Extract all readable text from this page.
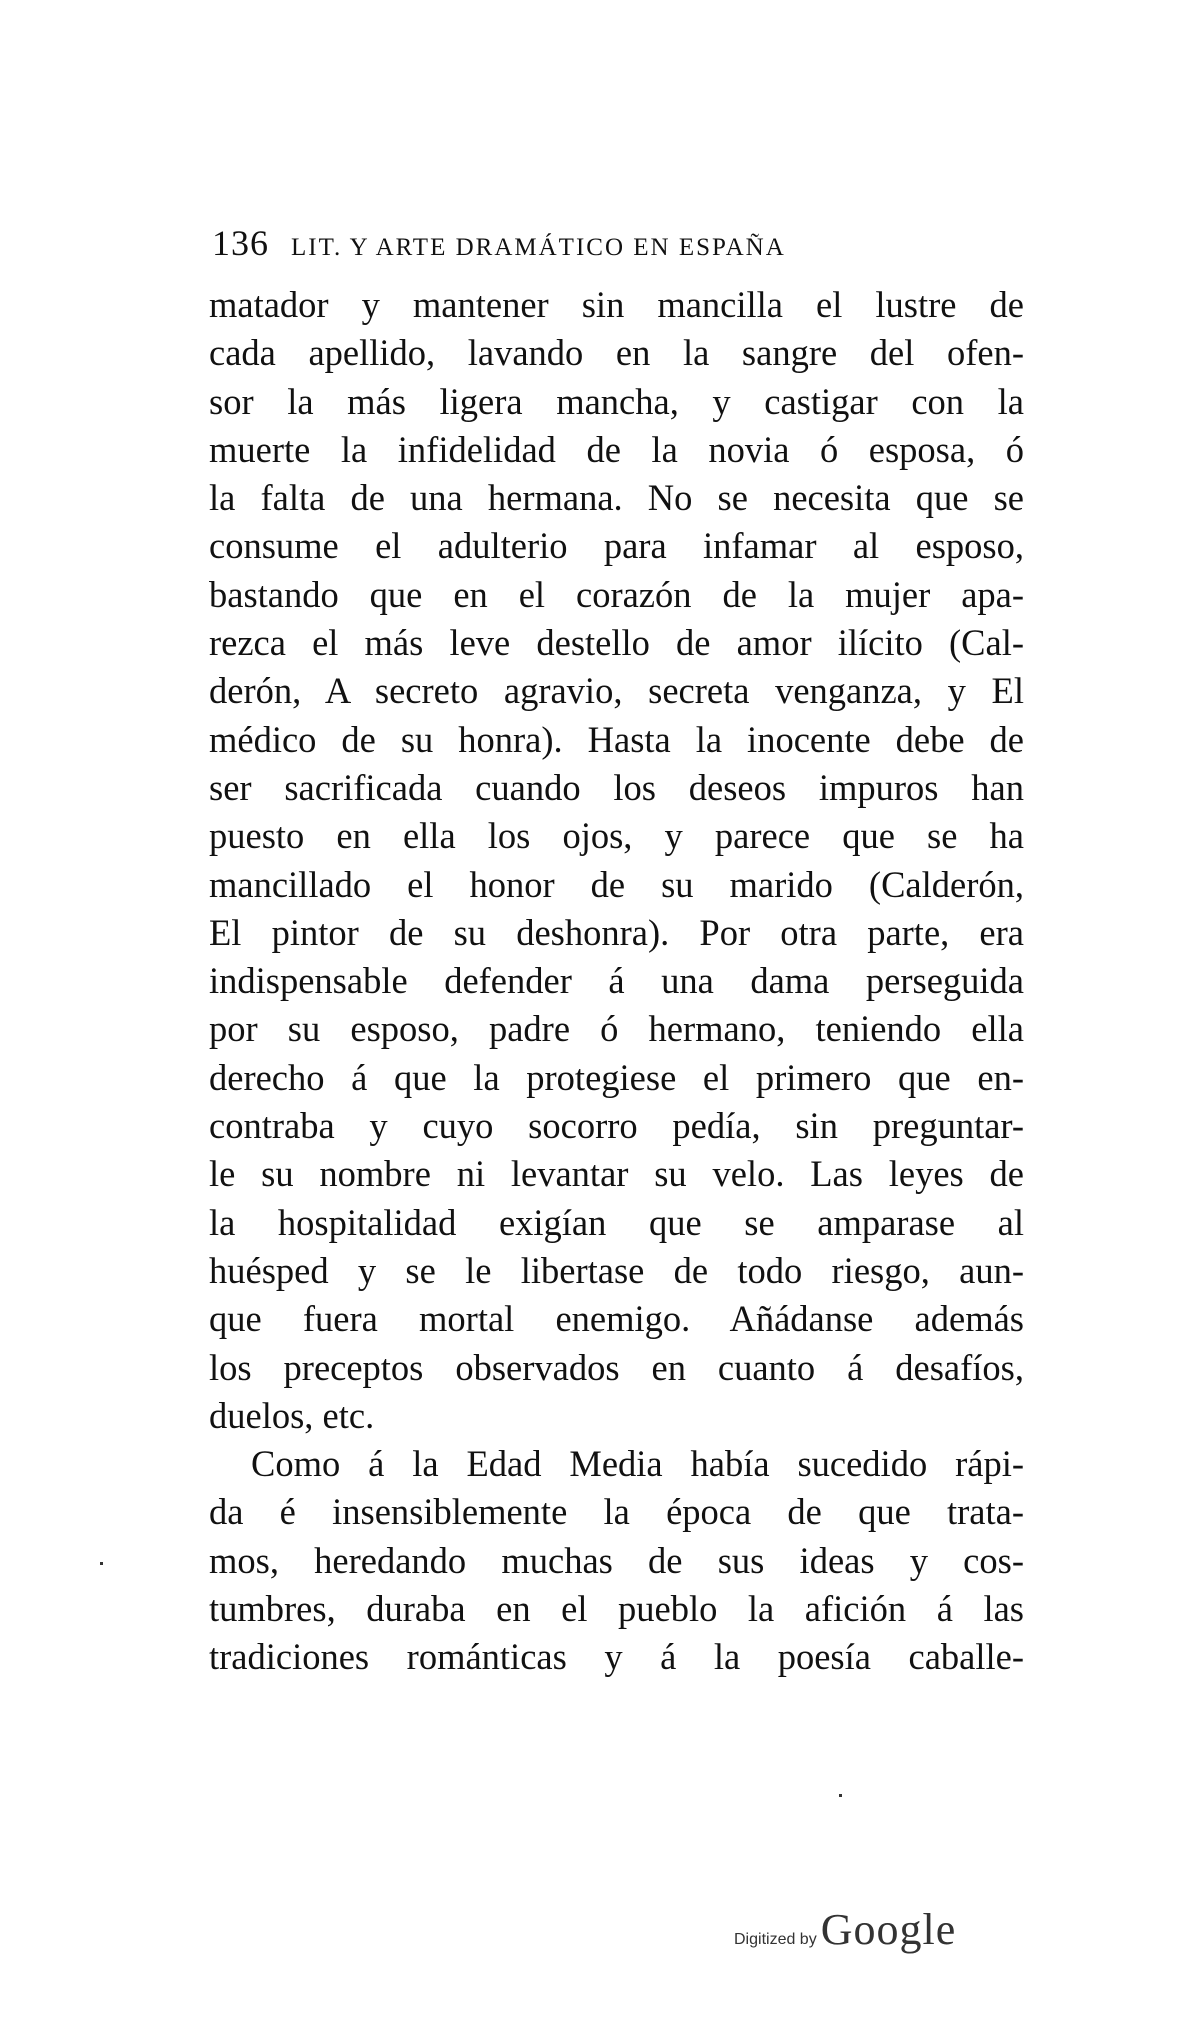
136 LIT. Y ARTE DRAMÁTICO EN ESPAÑA
matador y mantener sin mancilla el lustre de
cada apellido, lavando en la sangre del ofen-
sor la más ligera mancha, y castigar con la
muerte la infidelidad de la novia ó esposa, ó
la falta de una hermana. No se necesita que se
consume el adulterio para infamar al esposo,
bastando que en el corazón de la mujer apa-
rezca el más leve destello de amor ilícito (Cal-
derón, A secreto agravio, secreta venganza, y El
médico de su honra). Hasta la inocente debe de
ser sacrificada cuando los deseos impuros han
puesto en ella los ojos, y parece que se ha
mancillado el honor de su marido (Calderón,
El pintor de su deshonra). Por otra parte, era
indispensable defender á una dama perseguida
por su esposo, padre ó hermano, teniendo ella
derecho á que la protegiese el primero que en-
contraba y cuyo socorro pedía, sin preguntar-
le su nombre ni levantar su velo. Las leyes de
la hospitalidad exigían que se amparase al
huésped y se le libertase de todo riesgo, aun-
que fuera mortal enemigo. Añádanse además
los preceptos observados en cuanto á desafíos,
duelos, etc.
Como á la Edad Media había sucedido rápi-
da é insensiblemente la época de que trata-
mos, heredando muchas de sus ideas y cos-
tumbres, duraba en el pueblo la afición á las
tradiciones románticas y á la poesía caballe-
Digitized by Google
